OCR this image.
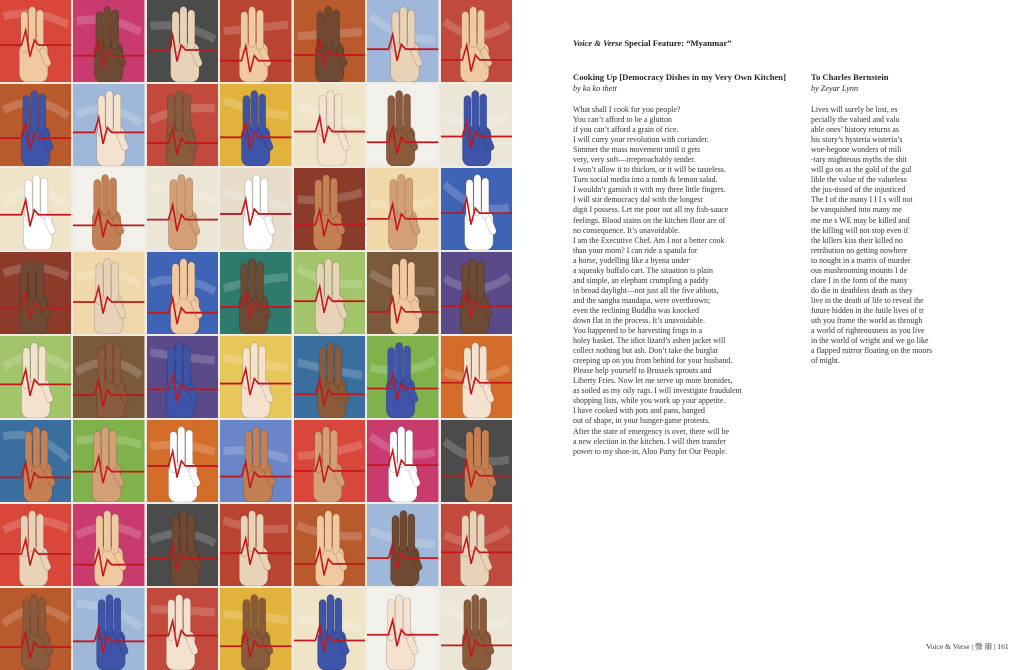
Voice & Verse Special Feature: “Myanmar”
Cooking Up [Democracy Dishes in my Very Own Kitchen]
by ko ko thett
What shall I cook for you people?
You can’t afford to be a glutton
if you can’t afford a grain of rice.
I will curry your revolution with coriander.
Simmer the mass movement until it gets
very, very soft—irreproachably tender.
I won’t allow it to thicken, or it will be tasteless.
Turn social media into a tomb & lemon salad.
I wouldn’t garnish it with my three little fingers.
I will stir democracy dal with the longest
digit I possess. Let me pour out all my fish-sauce
feelings. Blood stains on the kitchen floor are of
no consequence. It’s unavoidable.
I am the Executive Chef. Am I not a better cook
than your mom? I can ride a spatula for
a horse, yodelling like a hyena under
a squeaky buffalo cart. The situation is plain
and simple, an elephant crumpling a paddy
in broad daylight—not just all the five abbots,
and the sangha mandapa, were overthrown;
even the reclining Buddha was knocked
down flat in the process. It’s unavoidable.
You happened to be harvesting frogs in a
holey basket. The idiot lizard’s ashen jacket will
collect nothing but ash. Don’t take the burglar
creeping up on you from behind for your husband.
Please help yourself to Brussels sprouts and
Liberty Fries. Now let me serve up more bronides,
as soiled as my oily rags. I will investigate fraudulent
shopping lists, while you work up your appetite.
I have cooked with pots and pans, banged
out of shape, in your hunger-game protests.
After the state of emergency is over, there will be
a new election in the kitchen. I will then transfer
power to my shoe-in, Aloo Party for Our People.
To Charles Bernstein
by Zeyar Lynn
Lives will surely be lost, es
pecially the valued and valu
able ones’ history returns as
his story’s hysteria wisteria’s
woe-begone wonders of mili
-tary mighteous myths the shit
will go on as the gold of the gul
lible the value of the valueless
the jus-tissed of the injusticed
The I of the many I I I s will not
be vanquished into many me
me me s WE may be killed and
the killing will not stop even if
the killers kiss their killed no
retribution no getting nowhere
to nought in a matrix of murder
ous mushrooming mounts I de
clare I in the form of the many
do die in deathless death as they
live in the death of life to reveal the
future hidden in the futile lives of tr
uth you frame the world as through
a world of righteousness as you live
in the world of wright and we go like
a flapped mirror floating on the moors
of might.
Voice & Verse | 聲 韻 | 161
